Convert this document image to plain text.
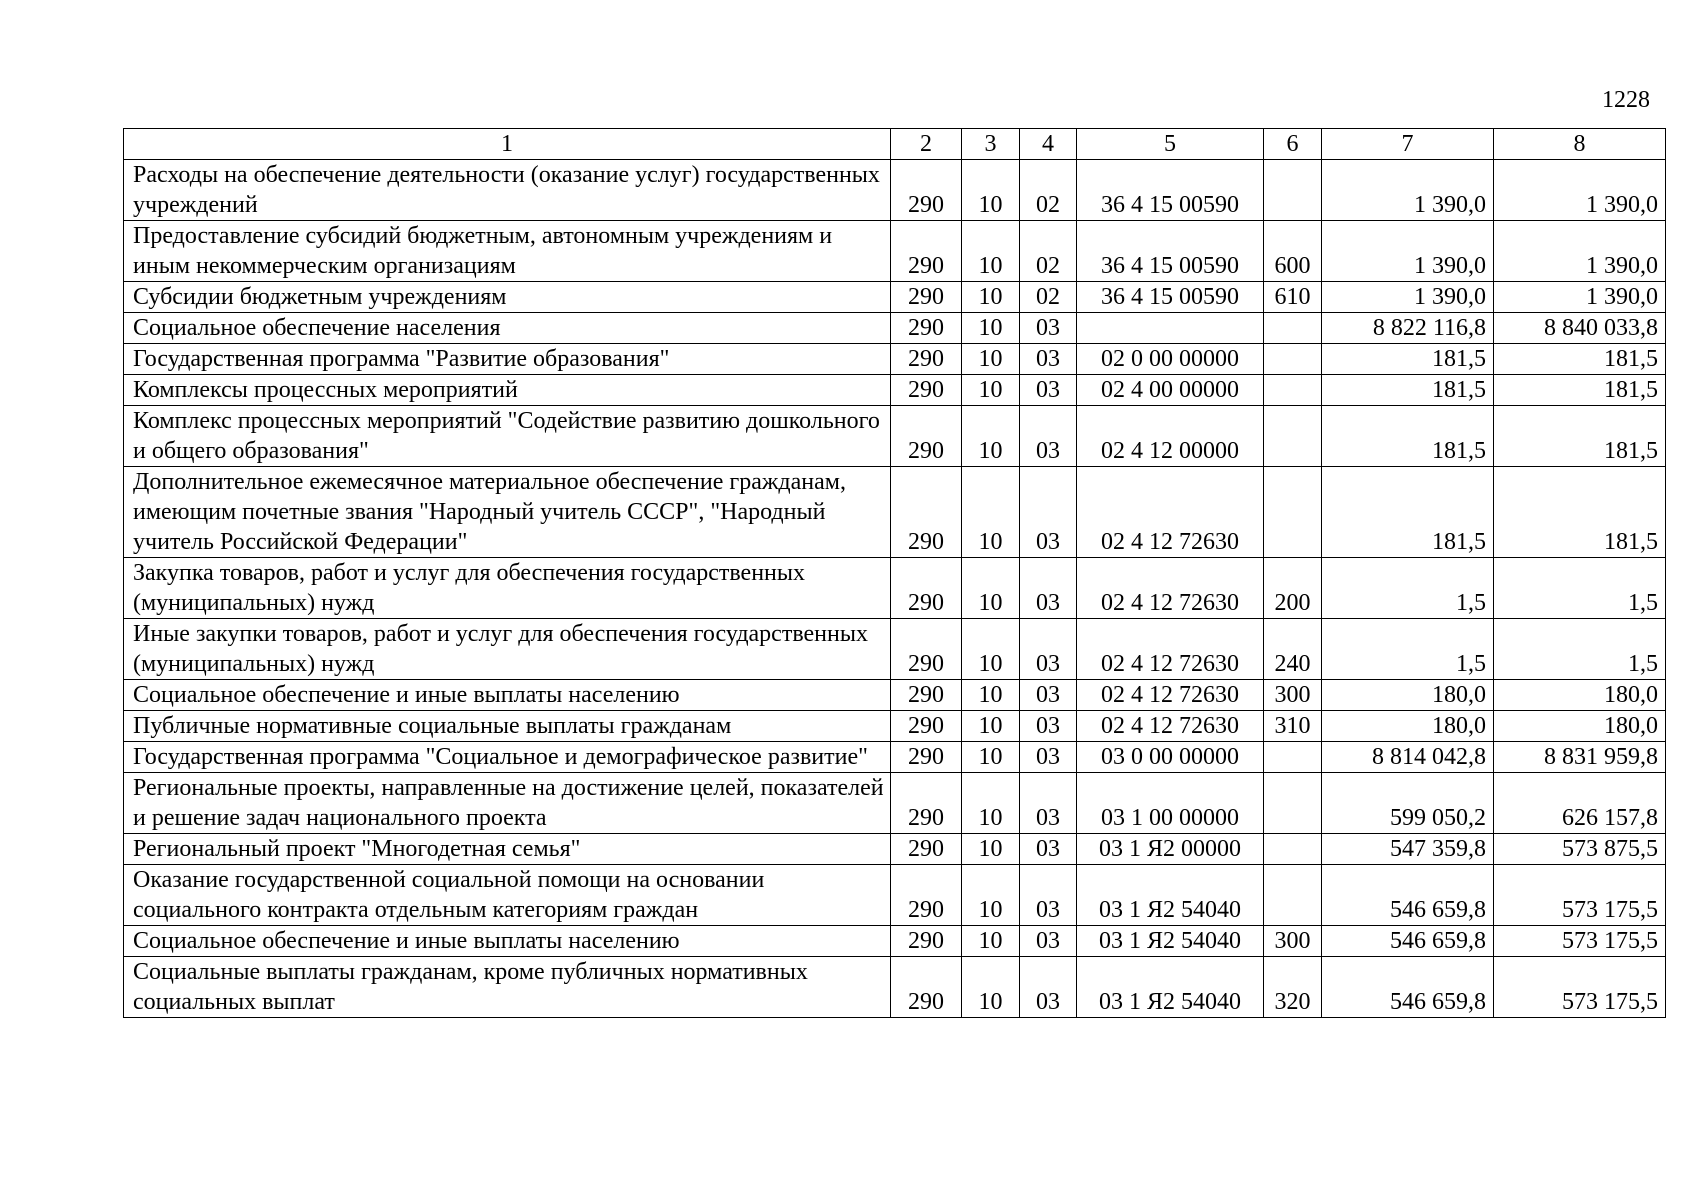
1228
1	2	3	4	5	6	7	8
Расходы на обеспечение деятельности (оказание услуг) государственных учреждений	290	10	02	36 4 15 00590		1 390,0	1 390,0
Предоставление субсидий бюджетным, автономным учреждениям и иным некоммерческим организациям	290	10	02	36 4 15 00590	600	1 390,0	1 390,0
Субсидии бюджетным учреждениям	290	10	02	36 4 15 00590	610	1 390,0	1 390,0
Социальное обеспечение населения	290	10	03			8 822 116,8	8 840 033,8
Государственная программа "Развитие образования"	290	10	03	02 0 00 00000		181,5	181,5
Комплексы процессных мероприятий	290	10	03	02 4 00 00000		181,5	181,5
Комплекс процессных мероприятий "Содействие развитию дошкольного и общего образования"	290	10	03	02 4 12 00000		181,5	181,5
Дополнительное ежемесячное материальное обеспечение гражданам, имеющим почетные звания "Народный учитель СССР", "Народный учитель Российской Федерации"	290	10	03	02 4 12 72630		181,5	181,5
Закупка товаров, работ и услуг для обеспечения государственных (муниципальных) нужд	290	10	03	02 4 12 72630	200	1,5	1,5
Иные закупки товаров, работ и услуг для обеспечения государственных (муниципальных) нужд	290	10	03	02 4 12 72630	240	1,5	1,5
Социальное обеспечение и иные выплаты населению	290	10	03	02 4 12 72630	300	180,0	180,0
Публичные нормативные социальные выплаты гражданам	290	10	03	02 4 12 72630	310	180,0	180,0
Государственная программа "Социальное и демографическое развитие"	290	10	03	03 0 00 00000		8 814 042,8	8 831 959,8
Региональные проекты, направленные на достижение целей, показателей и решение задач национального проекта	290	10	03	03 1 00 00000		599 050,2	626 157,8
Региональный проект "Многодетная семья"	290	10	03	03 1 Я2 00000		547 359,8	573 875,5
Оказание государственной социальной помощи на основании социального контракта отдельным категориям граждан	290	10	03	03 1 Я2 54040		546 659,8	573 175,5
Социальное обеспечение и иные выплаты населению	290	10	03	03 1 Я2 54040	300	546 659,8	573 175,5
Социальные выплаты гражданам, кроме публичных нормативных социальных выплат	290	10	03	03 1 Я2 54040	320	546 659,8	573 175,5
